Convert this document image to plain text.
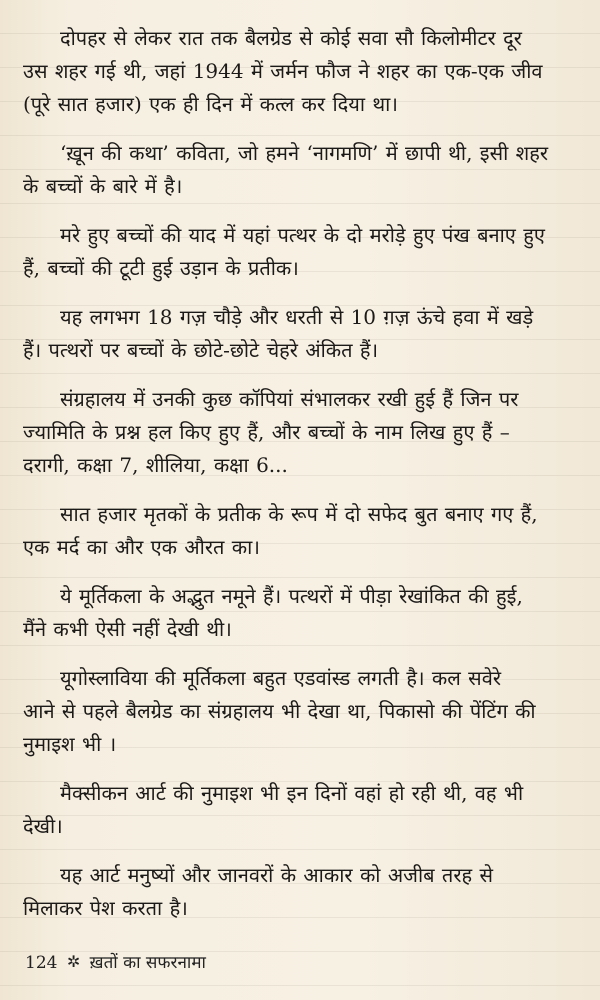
दोपहर से लेकर रात तक बैलग्रेड से कोई सवा सौ किलोमीटर दूर
उस शहर गई थी, जहां 1944 में जर्मन फौज ने शहर का एक-एक जीव
(पूरे सात हजार) एक ही दिन में कत्ल कर दिया था।

‘ख़ून की कथा’ कविता, जो हमने ‘नागमणि’ में छापी थी, इसी शहर
के बच्चों के बारे में है।

मरे हुए बच्चों की याद में यहां पत्थर के दो मरोड़े हुए पंख बनाए हुए
हैं, बच्चों की टूटी हुई उड़ान के प्रतीक।

यह लगभग 18 गज़ चौड़े और धरती से 10 ग़ज़ ऊंचे हवा में खड़े
हैं। पत्थरों पर बच्चों के छोटे-छोटे चेहरे अंकित हैं।

संग्रहालय में उनकी कुछ कॉपियां संभालकर रखी हुई हैं जिन पर
ज्यामिति के प्रश्न हल किए हुए हैं, और बच्चों के नाम लिख हुए हैं –
दरागी, कक्षा 7, शीलिया, कक्षा 6...

सात हजार मृतकों के प्रतीक के रूप में दो सफेद बुत बनाए गए हैं,
एक मर्द का और एक औरत का।

ये मूर्तिकला के अद्भुत नमूने हैं। पत्थरों में पीड़ा रेखांकित की हुई,
मैंने कभी ऐसी नहीं देखी थी।

यूगोस्लाविया की मूर्तिकला बहुत एडवांस्ड लगती है। कल सवेरे
आने से पहले बैलग्रेड का संग्रहालय भी देखा था, पिकासो की पेंटिंग की
नुमाइश भी ।

मैक्सीकन आर्ट की नुमाइश भी इन दिनों वहां हो रही थी, वह भी
देखी।

यह आर्ट मनुष्यों और जानवरों के आकार को अजीब तरह से
मिलाकर पेश करता है।

124 ✲ ख़तों का सफरनामा
